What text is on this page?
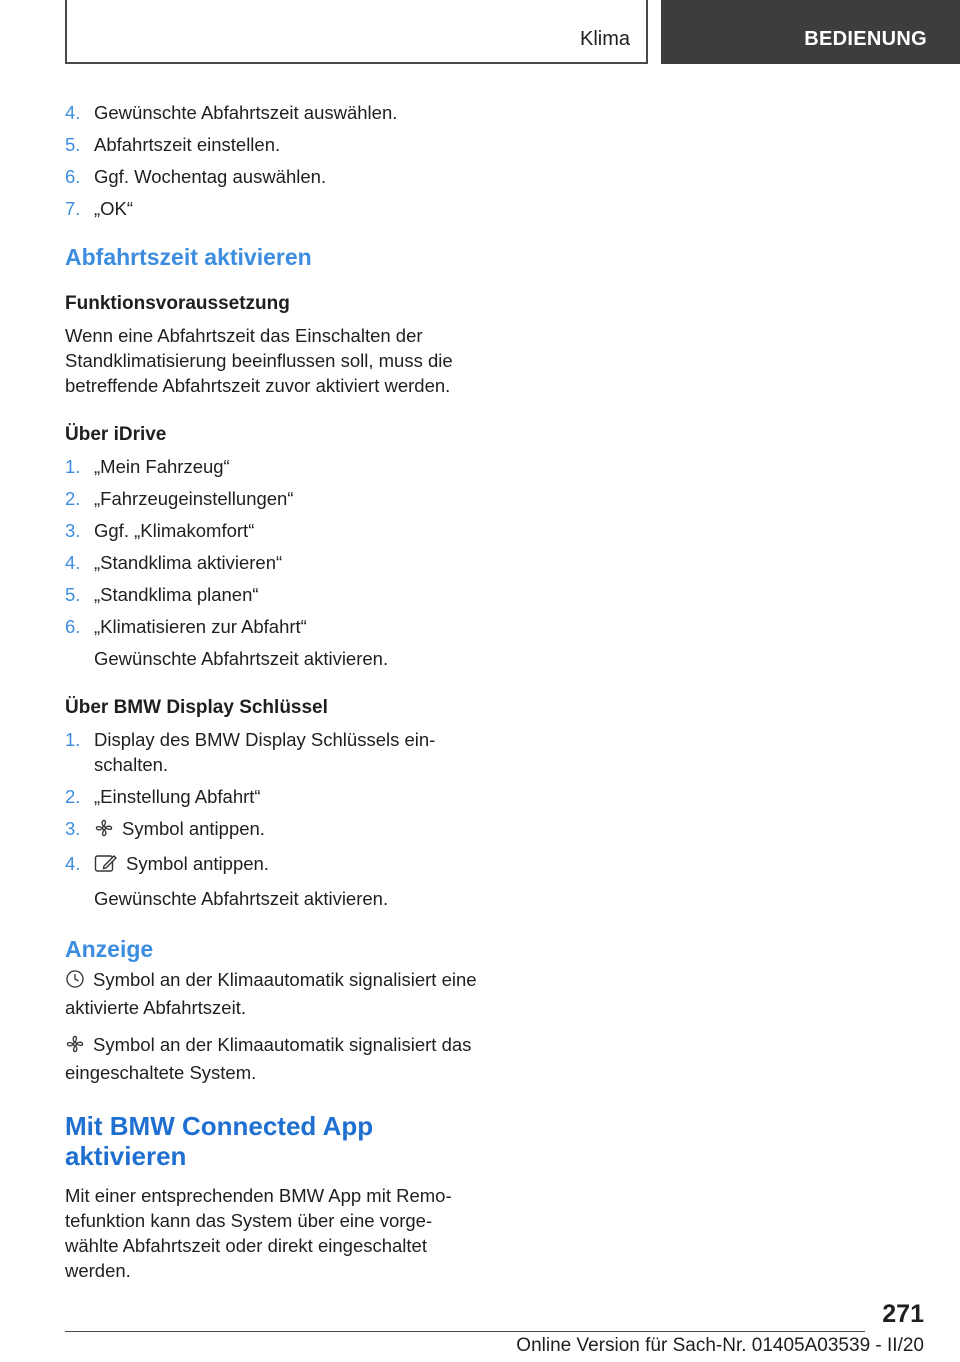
Klima	BEDIENUNG
4. Gewünschte Abfahrtszeit auswählen.
5. Abfahrtszeit einstellen.
6. Ggf. Wochentag auswählen.
7. „OK“
Abfahrtszeit aktivieren
Funktionsvoraussetzung
Wenn eine Abfahrtszeit das Einschalten der Standklimatisierung beeinflussen soll, muss die betreffende Abfahrtszeit zuvor aktiviert werden.
Über iDrive
1. „Mein Fahrzeug“
2. „Fahrzeugeinstellungen“
3. Ggf. „Klimakomfort“
4. „Standklima aktivieren“
5. „Standklima planen“
6. „Klimatisieren zur Abfahrt“
Gewünschte Abfahrtszeit aktivieren.
Über BMW Display Schlüssel
1. Display des BMW Display Schlüssels ein-schalten.
2. „Einstellung Abfahrt“
3.	Symbol antippen.
4.	Symbol antippen.
Gewünschte Abfahrtszeit aktivieren.
Anzeige
Symbol an der Klimaautomatik signalisiert eine aktivierte Abfahrtszeit.
Symbol an der Klimaautomatik signalisiert das eingeschaltete System.
Mit BMW Connected App aktivieren
Mit einer entsprechenden BMW App mit Remo-tefunktion kann das System über eine vorge-wählte Abfahrtszeit oder direkt eingeschaltet werden.
271
Online Version für Sach-Nr. 01405A03539 - II/20
